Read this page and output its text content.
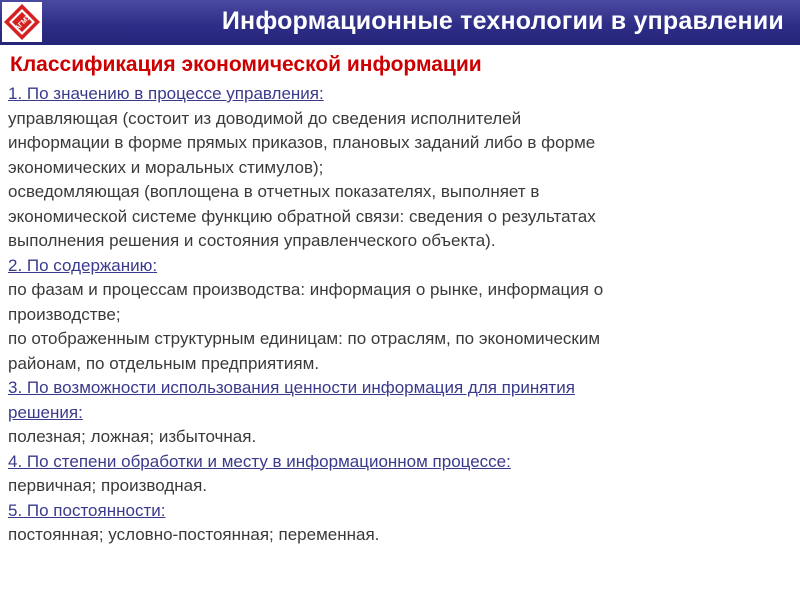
АГМУ	Информационные технологии в управлении
Классификация экономической информации
1. По значению в процессе управления:
управляющая (состоит из доводимой до сведения исполнителей
информации в форме прямых приказов, плановых заданий либо в форме
экономических и моральных стимулов);
осведомляющая (воплощена в отчетных показателях, выполняет в
экономической системе функцию обратной связи: сведения о результатах
выполнения решения и состояния управленческого объекта).
2. По содержанию:
по фазам и процессам производства: информация о рынке, информация о
производстве;
по отображенным структурным единицам: по отраслям, по экономическим
районам, по отдельным предприятиям.
3. По возможности использования ценности информация для принятия
решения:
полезная; ложная; избыточная.
4. По степени обработки и месту в информационном процессе:
первичная; производная.
5. По постоянности:
постоянная; условно-постоянная; переменная.
